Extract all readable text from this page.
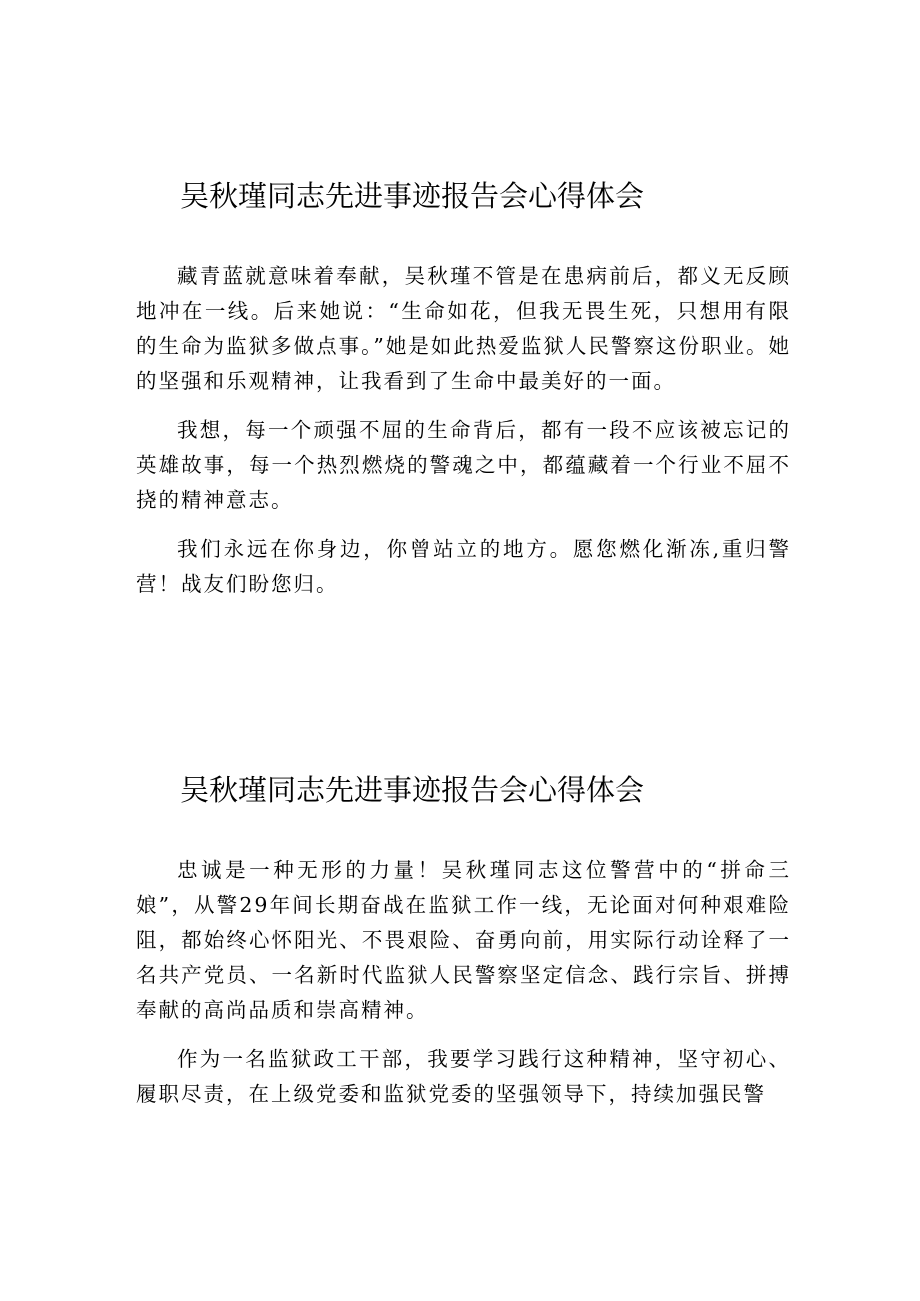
吴秋瑾同志先进事迹报告会心得体会

藏青蓝就意味着奉献，吴秋瑾不管是在患病前后，都义无反顾地冲在一线。后来她说：“生命如花，但我无畏生死，只想用有限的生命为监狱多做点事。”她是如此热爱监狱人民警察这份职业。她的坚强和乐观精神，让我看到了生命中最美好的一面。

我想，每一个顽强不屈的生命背后，都有一段不应该被忘记的英雄故事，每一个热烈燃烧的警魂之中，都蕴藏着一个行业不屈不挠的精神意志。

我们永远在你身边，你曾站立的地方。愿您燃化渐冻,重归警营！战友们盼您归。

吴秋瑾同志先进事迹报告会心得体会

忠诚是一种无形的力量！吴秋瑾同志这位警营中的“拼命三娘”，从警29年间长期奋战在监狱工作一线，无论面对何种艰难险阻，都始终心怀阳光、不畏艰险、奋勇向前，用实际行动诠释了一名共产党员、一名新时代监狱人民警察坚定信念、践行宗旨、拼搏奉献的高尚品质和崇高精神。

作为一名监狱政工干部，我要学习践行这种精神，坚守初心、履职尽责，在上级党委和监狱党委的坚强领导下，持续加强民警
